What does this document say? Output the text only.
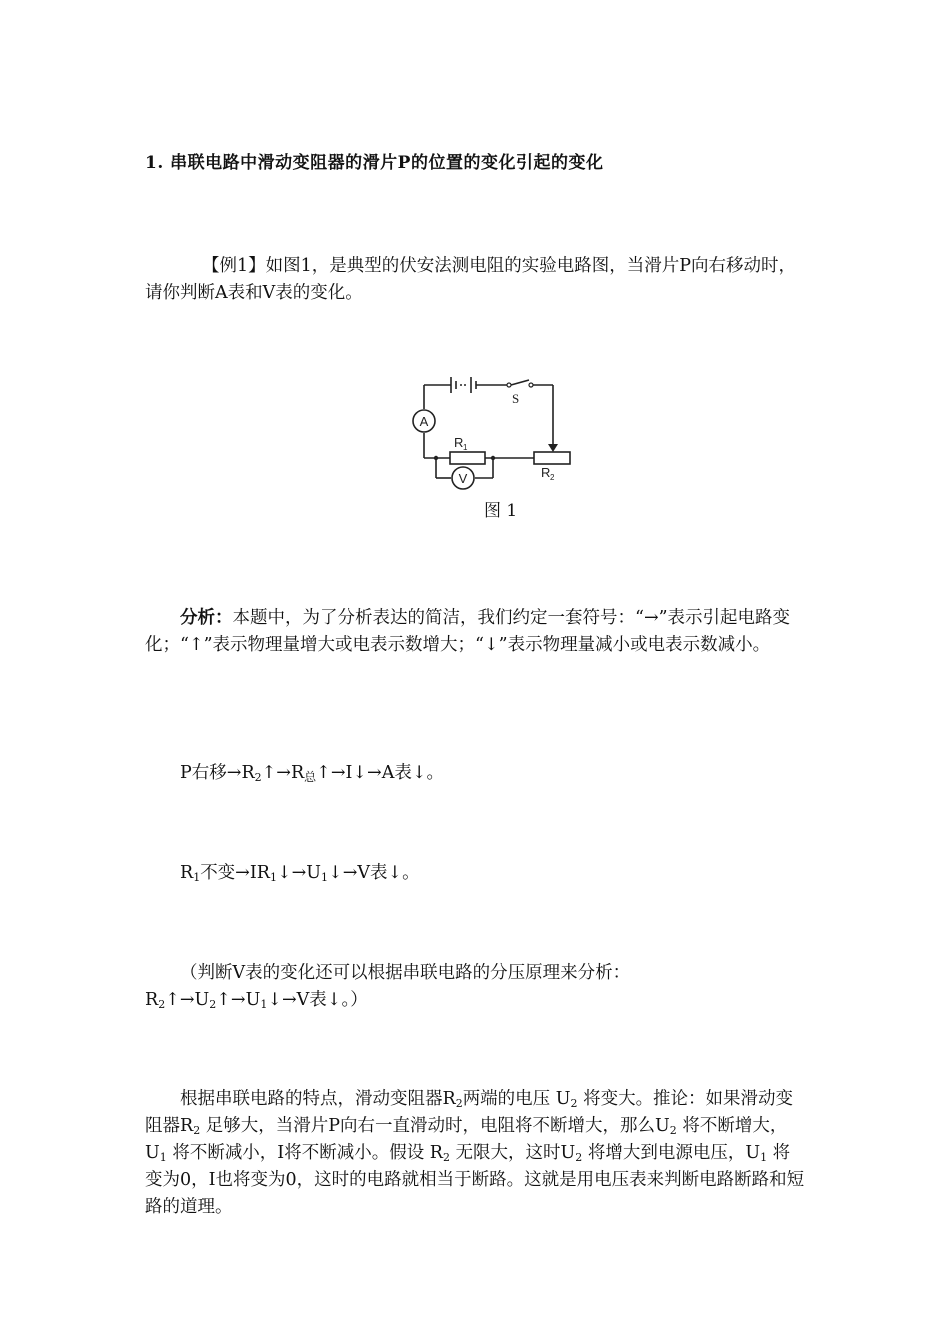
1. 串联电路中滑动变阻器的滑片P的位置的变化引起的变化
【例1】如图1，是典型的伏安法测电阻的实验电路图，当滑片P向右移动时，请你判断A表和V表的变化。
A
V
S
R 1
R 2
图 1
分析：本题中，为了分析表达的简洁，我们约定一套符号：“→”表示引起电路变化；“↑”表示物理量增大或电表示数增大；“↓”表示物理量减小或电表示数减小。
P右移$\to R_2↑\to R_总↑\to I↓\to A$表↓。
$R_1$不变$\to IR_1↓\to U_1↓\to V$表↓。
（判断V表的变化还可以根据串联电路的分压原理来分析：
$R_2↑\to U_2↑\to U_1↓\to V$表↓。）
根据串联电路的特点，滑动变阻器$R_2$两端的电压 $U_2$ 将变大。推论：如果滑动变阻器$R_2$ 足够大，当滑片P向右一直滑动时，电阻将不断增大，那么$U_2$ 将不断增大，$U_1$ 将不断减小，I将不断减小。假设 $R_2$ 无限大，这时$U_2$ 将增大到电源电压，$U_1$ 将变为0，I也将变为0，这时的电路就相当于断路。这就是用电压表来判断电路断路和短路的道理。
